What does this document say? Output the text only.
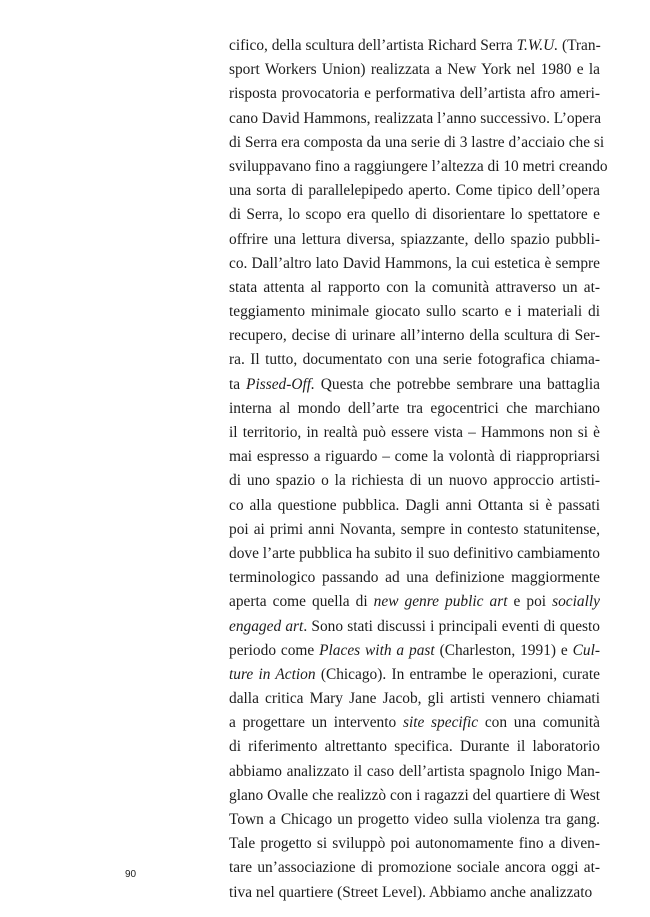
cifico, della scultura dell’artista Richard Serra T.W.U. (Tran-
sport Workers Union) realizzata a New York nel 1980 e la
risposta provocatoria e performativa dell’artista afro ameri-
cano David Hammons, realizzata l’anno successivo. L’opera
di Serra era composta da una serie di 3 lastre d’acciaio che si
sviluppavano fino a raggiungere l’altezza di 10 metri creando
una sorta di parallelepipedo aperto. Come tipico dell’opera
di Serra, lo scopo era quello di disorientare lo spettatore e
offrire una lettura diversa, spiazzante, dello spazio pubbli-
co. Dall’altro lato David Hammons, la cui estetica è sempre
stata attenta al rapporto con la comunità attraverso un at-
teggiamento minimale giocato sullo scarto e i materiali di
recupero, decise di urinare all’interno della scultura di Ser-
ra. Il tutto, documentato con una serie fotografica chiama-
ta Pissed-Off. Questa che potrebbe sembrare una battaglia
interna al mondo dell’arte tra egocentrici che marchiano
il territorio, in realtà può essere vista – Hammons non si è
mai espresso a riguardo – come la volontà di riappropriarsi
di uno spazio o la richiesta di un nuovo approccio artisti-
co alla questione pubblica. Dagli anni Ottanta si è passati
poi ai primi anni Novanta, sempre in contesto statunitense,
dove l’arte pubblica ha subito il suo definitivo cambiamento
terminologico passando ad una definizione maggiormente
aperta come quella di new genre public art e poi socially
engaged art. Sono stati discussi i principali eventi di questo
periodo come Places with a past (Charleston, 1991) e Cul-
ture in Action (Chicago). In entrambe le operazioni, curate
dalla critica Mary Jane Jacob, gli artisti vennero chiamati
a progettare un intervento site specific con una comunità
di riferimento altrettanto specifica. Durante il laboratorio
abbiamo analizzato il caso dell’artista spagnolo Inigo Man-
glano Ovalle che realizzò con i ragazzi del quartiere di West
Town a Chicago un progetto video sulla violenza tra gang.
Tale progetto si sviluppò poi autonomamente fino a diven-
tare un’associazione di promozione sociale ancora oggi at-
tiva nel quartiere (Street Level). Abbiamo anche analizzato
90
